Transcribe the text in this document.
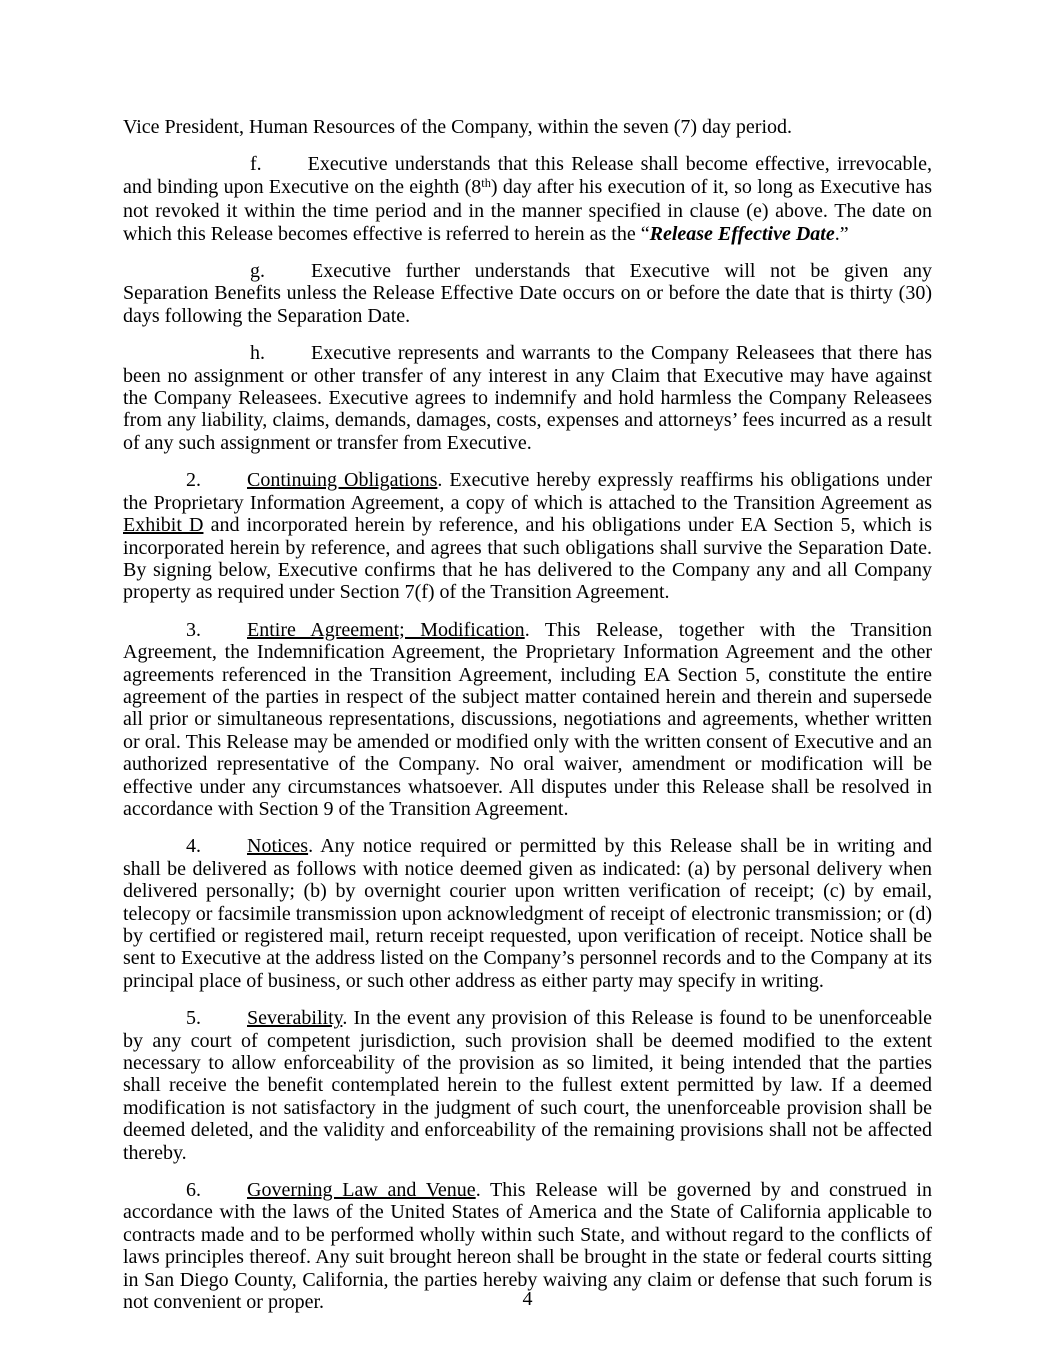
Vice President, Human Resources of the Company, within the seven (7) day period.

f. Executive understands that this Release shall become effective, irrevocable, and binding upon Executive on the eighth (8th) day after his execution of it, so long as Executive has not revoked it within the time period and in the manner specified in clause (e) above. The date on which this Release becomes effective is referred to herein as the “Release Effective Date.”

g. Executive further understands that Executive will not be given any Separation Benefits unless the Release Effective Date occurs on or before the date that is thirty (30) days following the Separation Date.

h. Executive represents and warrants to the Company Releasees that there has been no assignment or other transfer of any interest in any Claim that Executive may have against the Company Releasees. Executive agrees to indemnify and hold harmless the Company Releasees from any liability, claims, demands, damages, costs, expenses and attorneys’ fees incurred as a result of any such assignment or transfer from Executive.

2. Continuing Obligations. Executive hereby expressly reaffirms his obligations under the Proprietary Information Agreement, a copy of which is attached to the Transition Agreement as Exhibit D and incorporated herein by reference, and his obligations under EA Section 5, which is incorporated herein by reference, and agrees that such obligations shall survive the Separation Date. By signing below, Executive confirms that he has delivered to the Company any and all Company property as required under Section 7(f) of the Transition Agreement.

3. Entire Agreement; Modification. This Release, together with the Transition Agreement, the Indemnification Agreement, the Proprietary Information Agreement and the other agreements referenced in the Transition Agreement, including EA Section 5, constitute the entire agreement of the parties in respect of the subject matter contained herein and therein and supersede all prior or simultaneous representations, discussions, negotiations and agreements, whether written or oral. This Release may be amended or modified only with the written consent of Executive and an authorized representative of the Company. No oral waiver, amendment or modification will be effective under any circumstances whatsoever. All disputes under this Release shall be resolved in accordance with Section 9 of the Transition Agreement.

4. Notices. Any notice required or permitted by this Release shall be in writing and shall be delivered as follows with notice deemed given as indicated: (a) by personal delivery when delivered personally; (b) by overnight courier upon written verification of receipt; (c) by email, telecopy or facsimile transmission upon acknowledgment of receipt of electronic transmission; or (d) by certified or registered mail, return receipt requested, upon verification of receipt. Notice shall be sent to Executive at the address listed on the Company’s personnel records and to the Company at its principal place of business, or such other address as either party may specify in writing.

5. Severability. In the event any provision of this Release is found to be unenforceable by any court of competent jurisdiction, such provision shall be deemed modified to the extent necessary to allow enforceability of the provision as so limited, it being intended that the parties shall receive the benefit contemplated herein to the fullest extent permitted by law. If a deemed modification is not satisfactory in the judgment of such court, the unenforceable provision shall be deemed deleted, and the validity and enforceability of the remaining provisions shall not be affected thereby.

6. Governing Law and Venue. This Release will be governed by and construed in accordance with the laws of the United States of America and the State of California applicable to contracts made and to be performed wholly within such State, and without regard to the conflicts of laws principles thereof. Any suit brought hereon shall be brought in the state or federal courts sitting in San Diego County, California, the parties hereby waiving any claim or defense that such forum is not convenient or proper.	4
